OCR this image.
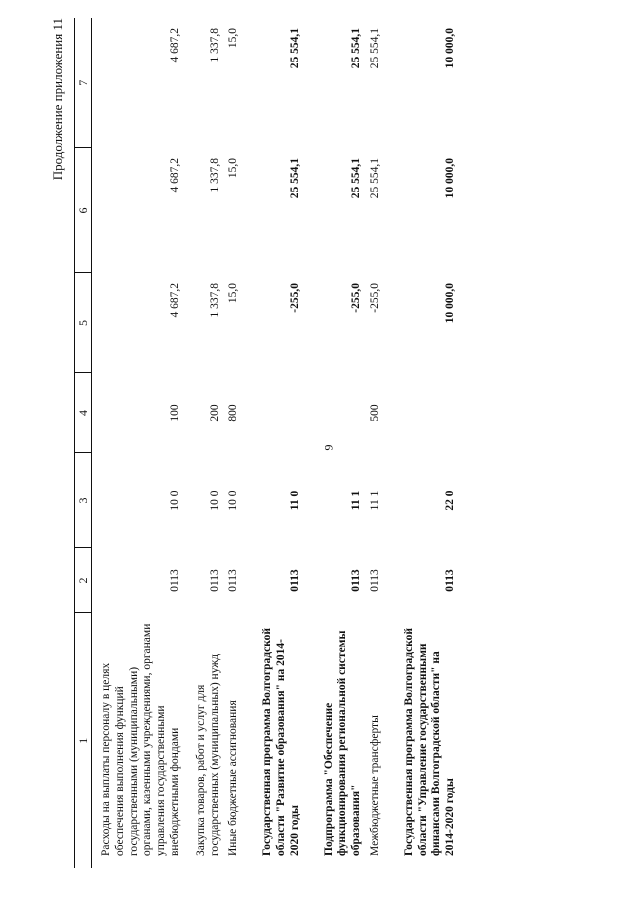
9
Продолжение приложения 11
1	2	3	4	5	6	7
Расходы на выплаты персоналу в целях обеспечения выполнения функций государственными (муниципальными) органами, казенными учреждениями, органами управления государственными внебюджетными фондами	0113	10 0	100	4 687,2	4 687,2	4 687,2
Закупка товаров, работ и услуг для государственных (муниципальных) нужд	0113	10 0	200	1 337,8	1 337,8	1 337,8
Иные бюджетные ассигнования	0113	10 0	800	15,0	15,0	15,0
Государственная программа Волгоградской области "Развитие образования" на 2014-2020 годы	0113	11 0		-255,0	25 554,1	25 554,1
Подпрограмма "Обеспечение функционирования региональной системы образования"	0113	11 1		-255,0	25 554,1	25 554,1
Межбюджетные трансферты	0113	11 1	500	-255,0	25 554,1	25 554,1
Государственная программа Волгоградской области "Управление государственными финансами Волгоградской области" на 2014-2020 годы	0113	22 0		10 000,0	10 000,0	10 000,0
